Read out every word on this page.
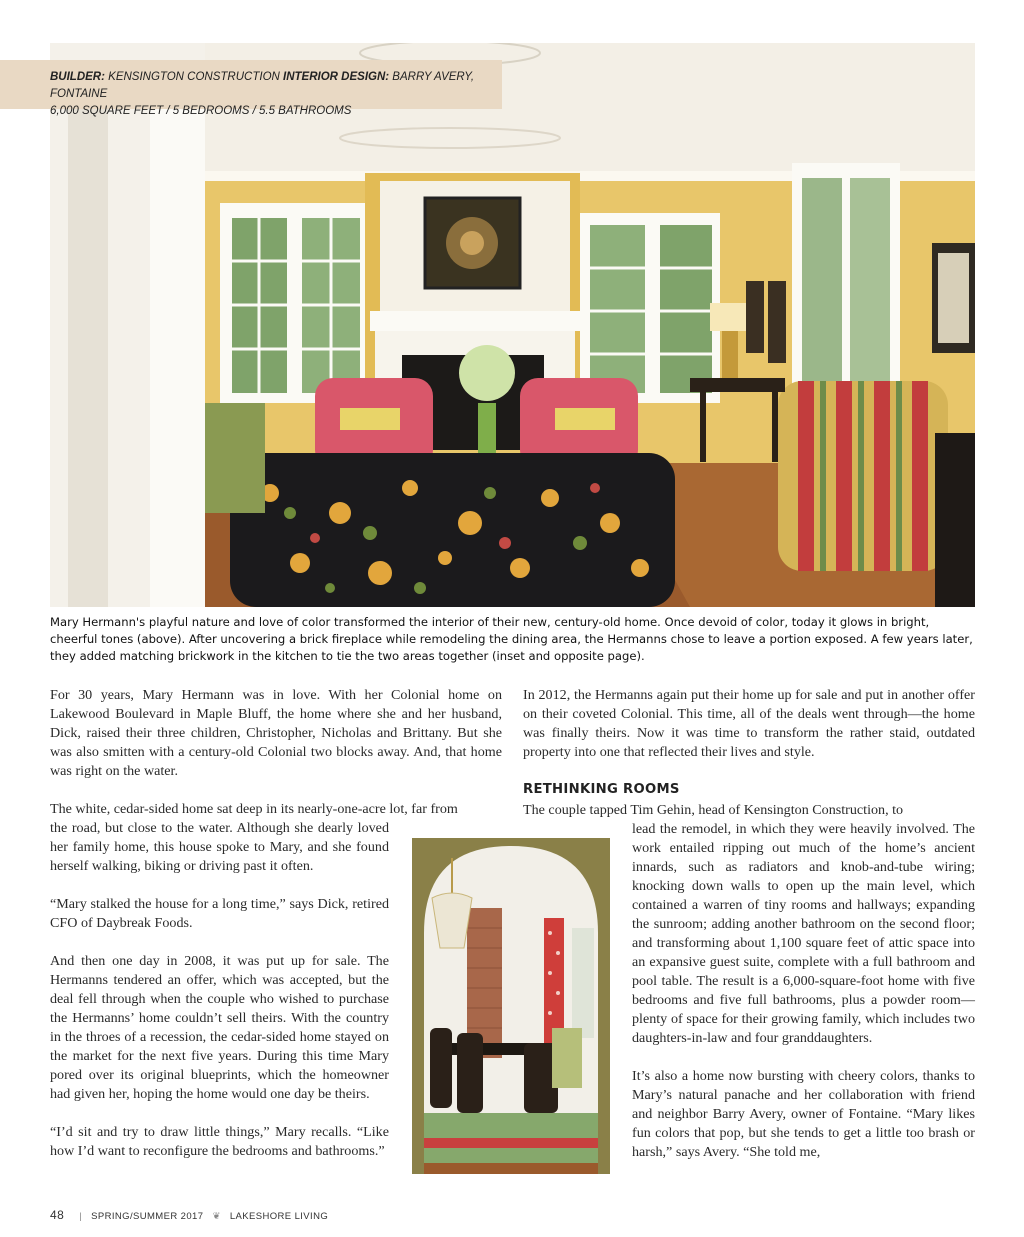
BUILDER: KENSINGTON CONSTRUCTION INTERIOR DESIGN: BARRY AVERY, FONTAINE
6,000 SQUARE FEET / 5 BEDROOMS / 5.5 BATHROOMS
Mary Hermann's playful nature and love of color transformed the interior of their new, century-old home. Once devoid of color, today it glows in bright, cheerful tones (above). After uncovering a brick fireplace while remodeling the dining area, the Hermanns chose to leave a portion exposed. A few years later, they added matching brickwork in the kitchen to tie the two areas together (inset and opposite page).

For 30 years, Mary Hermann was in love. With her Colonial home on Lakewood Boulevard in Maple Bluff, the home where she and her husband, Dick, raised their three children, Christopher, Nicholas and Brittany. But she was also smitten with a century-old Colonial two blocks away. And, that home was right on the water.

The white, cedar-sided home sat deep in its nearly-one-acre lot, far from
the road, but close to the water. Although she dearly loved her family home, this house spoke to Mary, and she found herself walking, biking or driving past it often.

“Mary stalked the house for a long time,” says Dick, retired CFO of Daybreak Foods.

And then one day in 2008, it was put up for sale. The Hermanns tendered an offer, which was accepted, but the deal fell through when the couple who wished to purchase the Hermanns’ home couldn’t sell theirs. With the country in the throes of a recession, the cedar-sided home stayed on the market for the next five years. During this time Mary pored over its original blueprints, which the homeowner had given her, hoping the home would one day be theirs.

“I’d sit and try to draw little things,” Mary recalls. “Like how I’d want to reconfigure the bedrooms and bathrooms.”

In 2012, the Hermanns again put their home up for sale and put in another offer on their coveted Colonial. This time, all of the deals went through—the home was finally theirs. Now it was time to transform the rather staid, outdated property into one that reflected their lives and style.

RETHINKING ROOMS
The couple tapped Tim Gehin, head of Kensington Construction, to
lead the remodel, in which they were heavily involved. The work entailed ripping out much of the home’s ancient innards, such as radiators and knob-and-tube wiring; knocking down walls to open up the main level, which contained a warren of tiny rooms and hallways; expanding the sunroom; adding another bathroom on the second floor; and transforming about 1,100 square feet of attic space into an expansive guest suite, complete with a full bathroom and pool table. The result is a 6,000-square-foot home with five bedrooms and five full bathrooms, plus a powder room—plenty of space for their growing family, which includes two daughters-in-law and four granddaughters.

It’s also a home now bursting with cheery colors, thanks to Mary’s natural panache and her collaboration with friend and neighbor Barry Avery, owner of Fontaine. “Mary likes fun colors that pop, but she tends to get a little too brash or harsh,” says Avery. “She told me,

48 | SPRING/SUMMER 2017 ❦ LAKESHORE LIVING
